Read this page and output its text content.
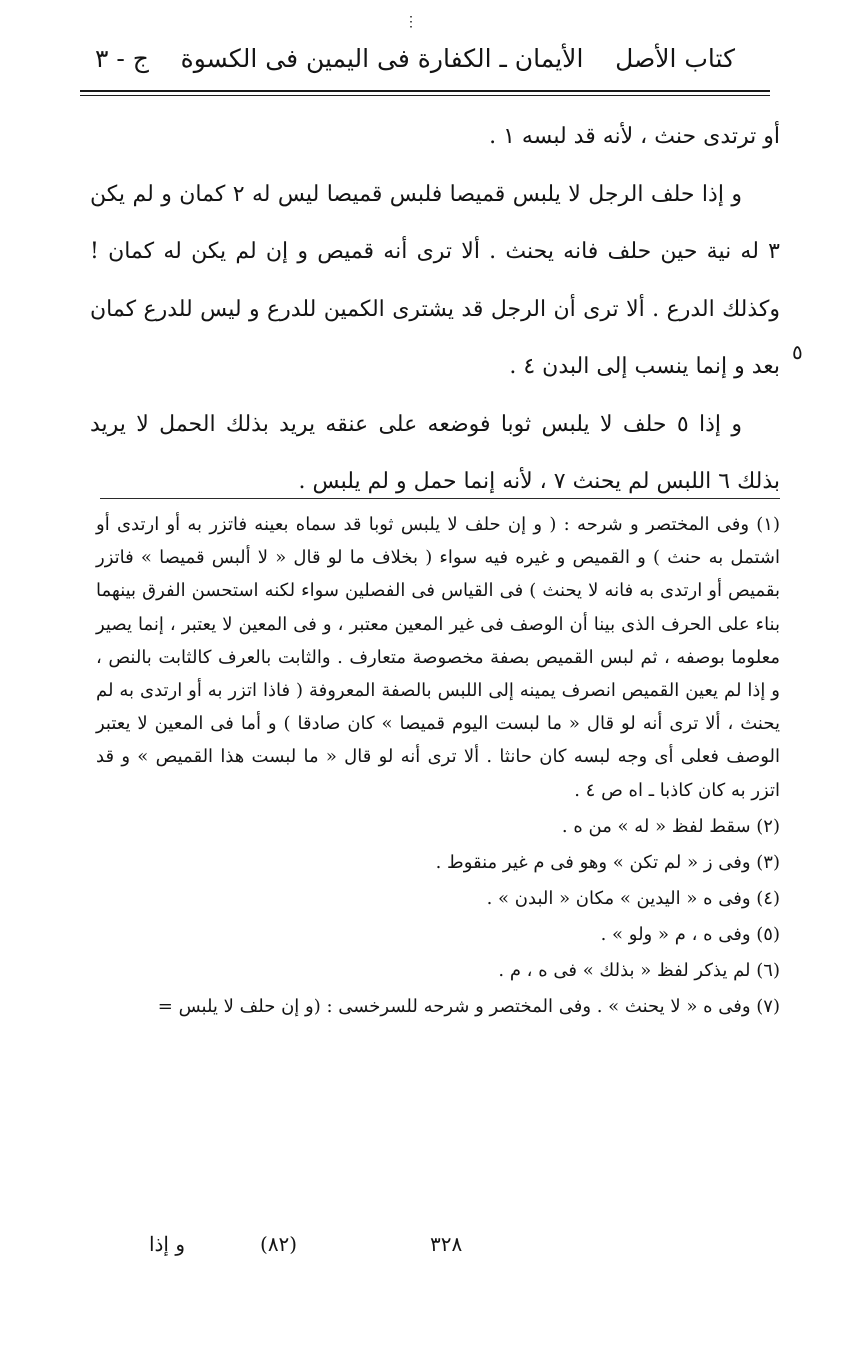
⋮
كتاب الأصل
الأيمان ـ الكفارة فى اليمين فى الكسوة
ج - ٣

أو ترتدى حنث ، لأنه قد لبسه ١ .

و إذا حلف الرجل لا يلبس قميصا فلبس قميصا ليس له ٢ كمان و لم يكن ٣ له نية حين حلف فانه يحنث . ألا ترى أنه قميص و إن لم يكن له كمان ! وكذلك الدرع . ألا ترى أن الرجل قد يشترى الكمين للدرع و ليس للدرع كمان بعد و إنما ينسب إلى البدن ٤ .

و إذا ٥ حلف لا يلبس ثوبا فوضعه على عنقه يريد بذلك الحمل لا يريد بذلك ٦ اللبس لم يحنث ٧ ، لأنه إنما حمل و لم يلبس .

٥

(١) وفى المختصر و شرحه : ( و إن حلف لا يلبس ثوبا قد سماه بعينه فاتزر به أو ارتدى أو اشتمل به حنث ) و القميص و غيره فيه سواء ( بخلاف ما لو قال « لا ألبس قميصا » فاتزر بقميص أو ارتدى به فانه لا يحنث ) فى القياس فى الفصلين سواء لكنه استحسن الفرق بينهما بناء على الحرف الذى بينا أن الوصف فى غير المعين معتبر ، و فى المعين لا يعتبر ، إنما يصير معلوما بوصفه ، ثم لبس القميص بصفة مخصوصة متعارف . والثابت بالعرف كالثابت بالنص ، و إذا لم يعين القميص انصرف يمينه إلى اللبس بالصفة المعروفة ( فاذا اتزر به أو ارتدى به لم يحنث ، ألا ترى أنه لو قال « ما لبست اليوم قميصا » كان صادقا ) و أما فى المعين لا يعتبر الوصف فعلى أى وجه لبسه كان حانثا . ألا ترى أنه لو قال « ما لبست هذا القميص » و قد اتزر به كان كاذبا ـ اه ص ٤ .

(٢) سقط لفظ « له » من ه .

(٣) وفى ز « لم تكن » وهو فى م غير منقوط .

(٤) وفى ه « اليدين » مكان « البدن » .

(٥) وفى ه ، م « ولو » .

(٦) لم يذكر لفظ « بذلك » فى ه ، م .

(٧) وفى ه « لا يحنث » . وفى المختصر و شرحه للسرخسى : (و إن حلف لا يلبس =

و إذا	(٨٢)	٣٢٨
